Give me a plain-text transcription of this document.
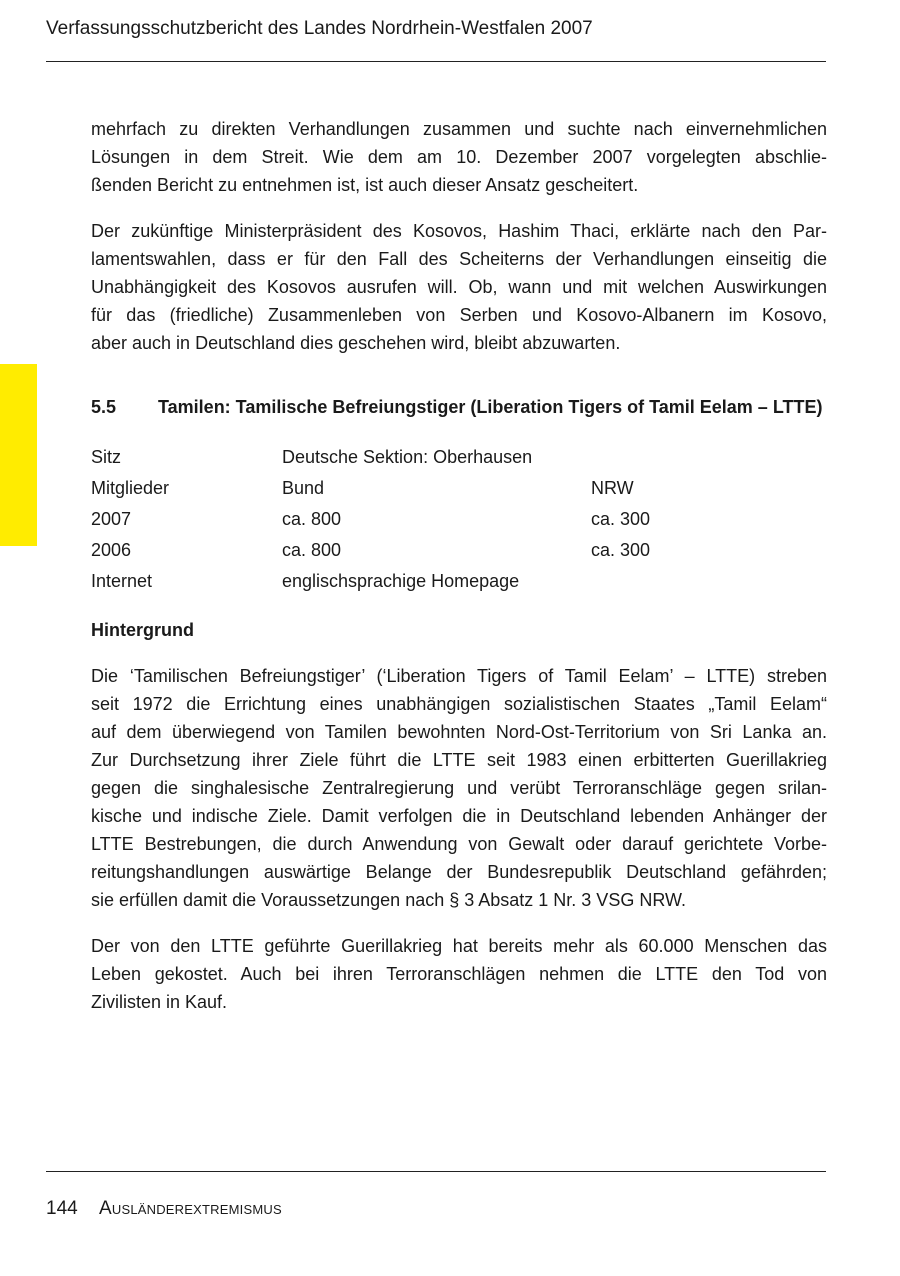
Verfassungsschutzbericht des Landes Nordrhein-Westfalen 2007
mehrfach zu direkten Verhandlungen zusammen und suchte nach einvernehmlichen
Lösungen in dem Streit. Wie dem am 10. Dezember 2007 vorgelegten abschlie-
ßenden Bericht zu entnehmen ist, ist auch dieser Ansatz gescheitert.
Der zukünftige Ministerpräsident des Kosovos, Hashim Thaci, erklärte nach den Par-
lamentswahlen, dass er für den Fall des Scheiterns der Verhandlungen einseitig die
Unabhängigkeit des Kosovos ausrufen will. Ob, wann und mit welchen Auswirkungen
für das (friedliche) Zusammenleben von Serben und Kosovo-Albanern im Kosovo,
aber auch in Deutschland dies geschehen wird, bleibt abzuwarten.
5.5	Tamilen: Tamilische Befreiungstiger (Liberation Tigers of Tamil Eelam – LTTE)
Sitz	Deutsche Sektion: Oberhausen	
Mitglieder	Bund	NRW
2007	ca. 800	ca. 300
2006	ca. 800	ca. 300
Internet	englischsprachige Homepage	
Hintergrund
Die ‘Tamilischen Befreiungstiger’ (‘Liberation Tigers of Tamil Eelam’ – LTTE) streben
seit 1972 die Errichtung eines unabhängigen sozialistischen Staates „Tamil Eelam“
auf dem überwiegend von Tamilen bewohnten Nord-Ost-Territorium von Sri Lanka an.
Zur Durchsetzung ihrer Ziele führt die LTTE seit 1983 einen erbitterten Guerillakrieg
gegen die singhalesische Zentralregierung und verübt Terroranschläge gegen srilan-
kische und indische Ziele. Damit verfolgen die in Deutschland lebenden Anhänger der
LTTE Bestrebungen, die durch Anwendung von Gewalt oder darauf gerichtete Vorbe-
reitungshandlungen auswärtige Belange der Bundesrepublik Deutschland gefährden;
sie erfüllen damit die Voraussetzungen nach § 3 Absatz 1 Nr. 3 VSG NRW.
Der von den LTTE geführte Guerillakrieg hat bereits mehr als 60.000 Menschen das
Leben gekostet. Auch bei ihren Terroranschlägen nehmen die LTTE den Tod von
Zivilisten in Kauf.
144 Ausländerextremismus
